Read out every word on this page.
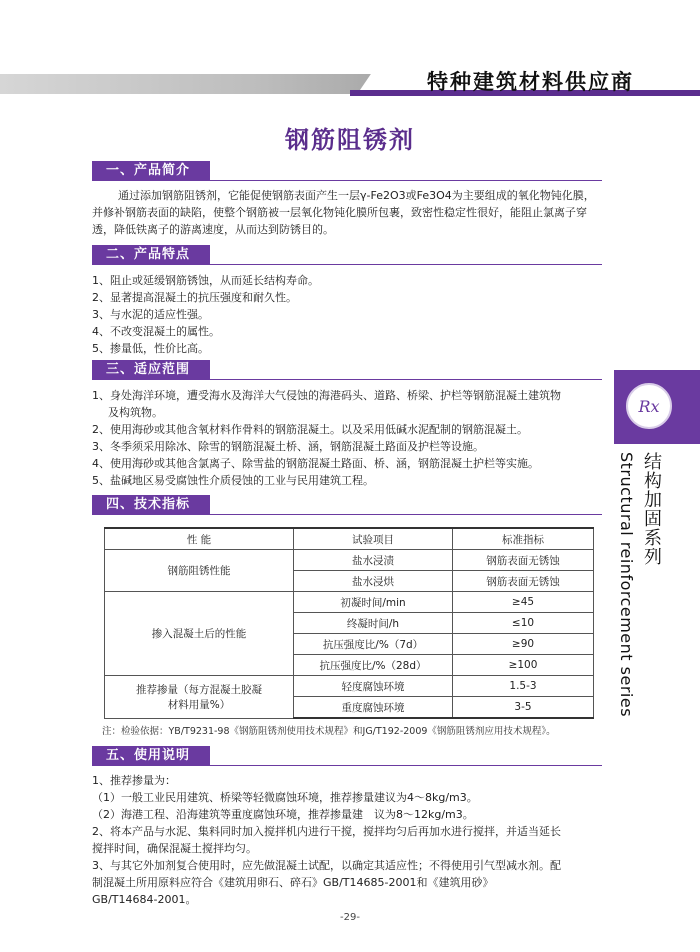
特种建筑材料供应商
钢筋阻锈剂
一、产品简介
通过添加钢筋阻锈剂，它能促使钢筋表面产生一层γ-Fe2O3或Fe3O4为主要组成的氧化物钝化膜，并修补钢筋表面的缺陷，使整个钢筋被一层氧化物钝化膜所包裹，致密性稳定性很好，能阻止氯离子穿透，降低铁离子的游离速度，从而达到防锈目的。
二、产品特点
1、阻止或延缓钢筋锈蚀，从而延长结构寿命。
2、显著提高混凝土的抗压强度和耐久性。
3、与水泥的适应性强。
4、不改变混凝土的属性。
5、掺量低，性价比高。
三、适应范围
1、身处海洋环境，遭受海水及海洋大气侵蚀的海港码头、道路、桥梁、护栏等钢筋混凝土建筑物
及构筑物。
2、使用海砂或其他含氧材料作骨料的钢筋混凝土。以及采用低碱水泥配制的钢筋混凝土。
3、冬季须采用除冰、除雪的钢筋混凝土桥、涵，钢筋混凝土路面及护栏等设施。
4、使用海砂或其他含氯离子、除雪盐的钢筋混凝土路面、桥、涵，钢筋混凝土护栏等实施。
5、盐碱地区易受腐蚀性介质侵蚀的工业与民用建筑工程。
四、技术指标
性 能	试验项目	标准指标
钢筋阻锈性能	盐水浸渍	钢筋表面无锈蚀
	盐水浸烘	钢筋表面无锈蚀
掺入混凝土后的性能	初凝时间/min	≥45
	终凝时间/h	≤10
	抗压强度比/%（7d）	≥90
	抗压强度比/%（28d）	≥100
推荐掺量（每方混凝土胶凝材料用量%）	轻度腐蚀环境	1.5-3
	重度腐蚀环境	3-5
注：检验依据：YB/T9231-98《钢筋阻锈剂使用技术规程》和JG/T192-2009《钢筋阻锈剂应用技术规程》。
五、使用说明
1、推荐掺量为：
（1）一般工业民用建筑、桥梁等轻微腐蚀环境，推荐掺量建议为4～8kg/m3。
（2）海港工程、沿海建筑等重度腐蚀环境，推荐掺量建　议为8～12kg/m3。
2、将本产品与水泥、集料同时加入搅拌机内进行干搅，搅拌均匀后再加水进行搅拌，并适当延长
搅拌时间，确保混凝土搅拌均匀。
3、与其它外加剂复合使用时，应先做混凝土试配，以确定其适应性；不得使用引气型减水剂。配
制混凝土所用原料应符合《建筑用卵石、碎石》GB/T14685-2001和《建筑用砂》
GB/T14684-2001。
Rx
结构加固系列
Structural reinforcement series
-29-
